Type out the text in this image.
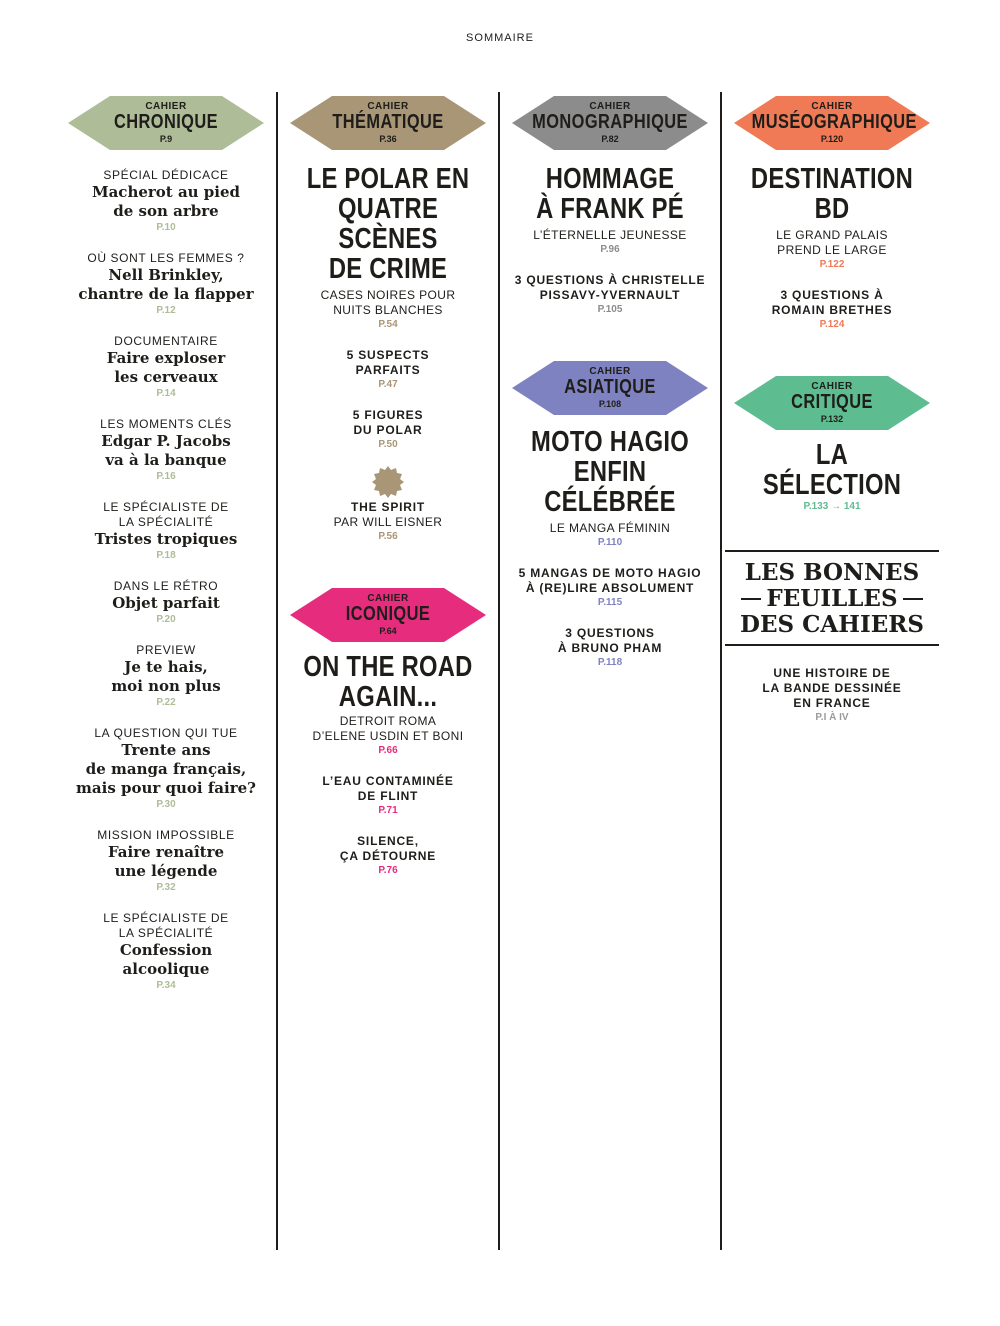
SOMMAIRE
CAHIER
CHRONIQUE
P.9
SPÉCIAL DÉDICACE
Macherot au pied
de son arbre
P.10
OÙ SONT LES FEMMES ?
Nell Brinkley,
chantre de la flapper
P.12
DOCUMENTAIRE
Faire exploser
les cerveaux
P.14
LES MOMENTS CLÉS
Edgar P. Jacobs
va à la banque
P.16
LE SPÉCIALISTE DE
LA SPÉCIALITÉ
Tristes tropiques
P.18
DANS LE RÉTRO
Objet parfait
P.20
PREVIEW
Je te hais,
moi non plus
P.22
LA QUESTION QUI TUE
Trente ans
de manga français,
mais pour quoi faire?
P.30
MISSION IMPOSSIBLE
Faire renaître
une légende
P.32
LE SPÉCIALISTE DE
LA SPÉCIALITÉ
Confession
alcoolique
P.34
CAHIER
THÉMATIQUE
P.36
LE POLAR EN
QUATRE SCÈNES
DE CRIME
CASES NOIRES POUR
NUITS BLANCHES
P.54
5 SUSPECTS
PARFAITS
P.47
5 FIGURES
DU POLAR
P.50
THE SPIRIT
PAR WILL EISNER
P.56
CAHIER
ICONIQUE
P.64
ON THE ROAD
AGAIN...
DETROIT ROMA
D’ELENE USDIN ET BONI
P.66
L’EAU CONTAMINÉE
DE FLINT
P.71
SILENCE,
ÇA DÉTOURNE
P.76
CAHIER
MONOGRAPHIQUE
P.82
HOMMAGE
À FRANK PÉ
L’ÉTERNELLE JEUNESSE
P.96
3 QUESTIONS À CHRISTELLE
PISSAVY-YVERNAULT
P.105
CAHIER
ASIATIQUE
P.108
MOTO HAGIO
ENFIN CÉLÉBRÉE
LE MANGA FÉMININ
P.110
5 MANGAS DE MOTO HAGIO
À (RE)LIRE ABSOLUMENT
P.115
3 QUESTIONS
À BRUNO PHAM
P.118
CAHIER
MUSÉOGRAPHIQUE
P.120
DESTINATION
BD
LE GRAND PALAIS
PREND LE LARGE
P.122
3 QUESTIONS À
ROMAIN BRETHES
P.124
CAHIER
CRITIQUE
P.132
LA
SÉLECTION
P.133 → 141
LES BONNES
FEUILLES
DES CAHIERS
UNE HISTOIRE DE
LA BANDE DESSINÉE
EN FRANCE
P.I À IV
